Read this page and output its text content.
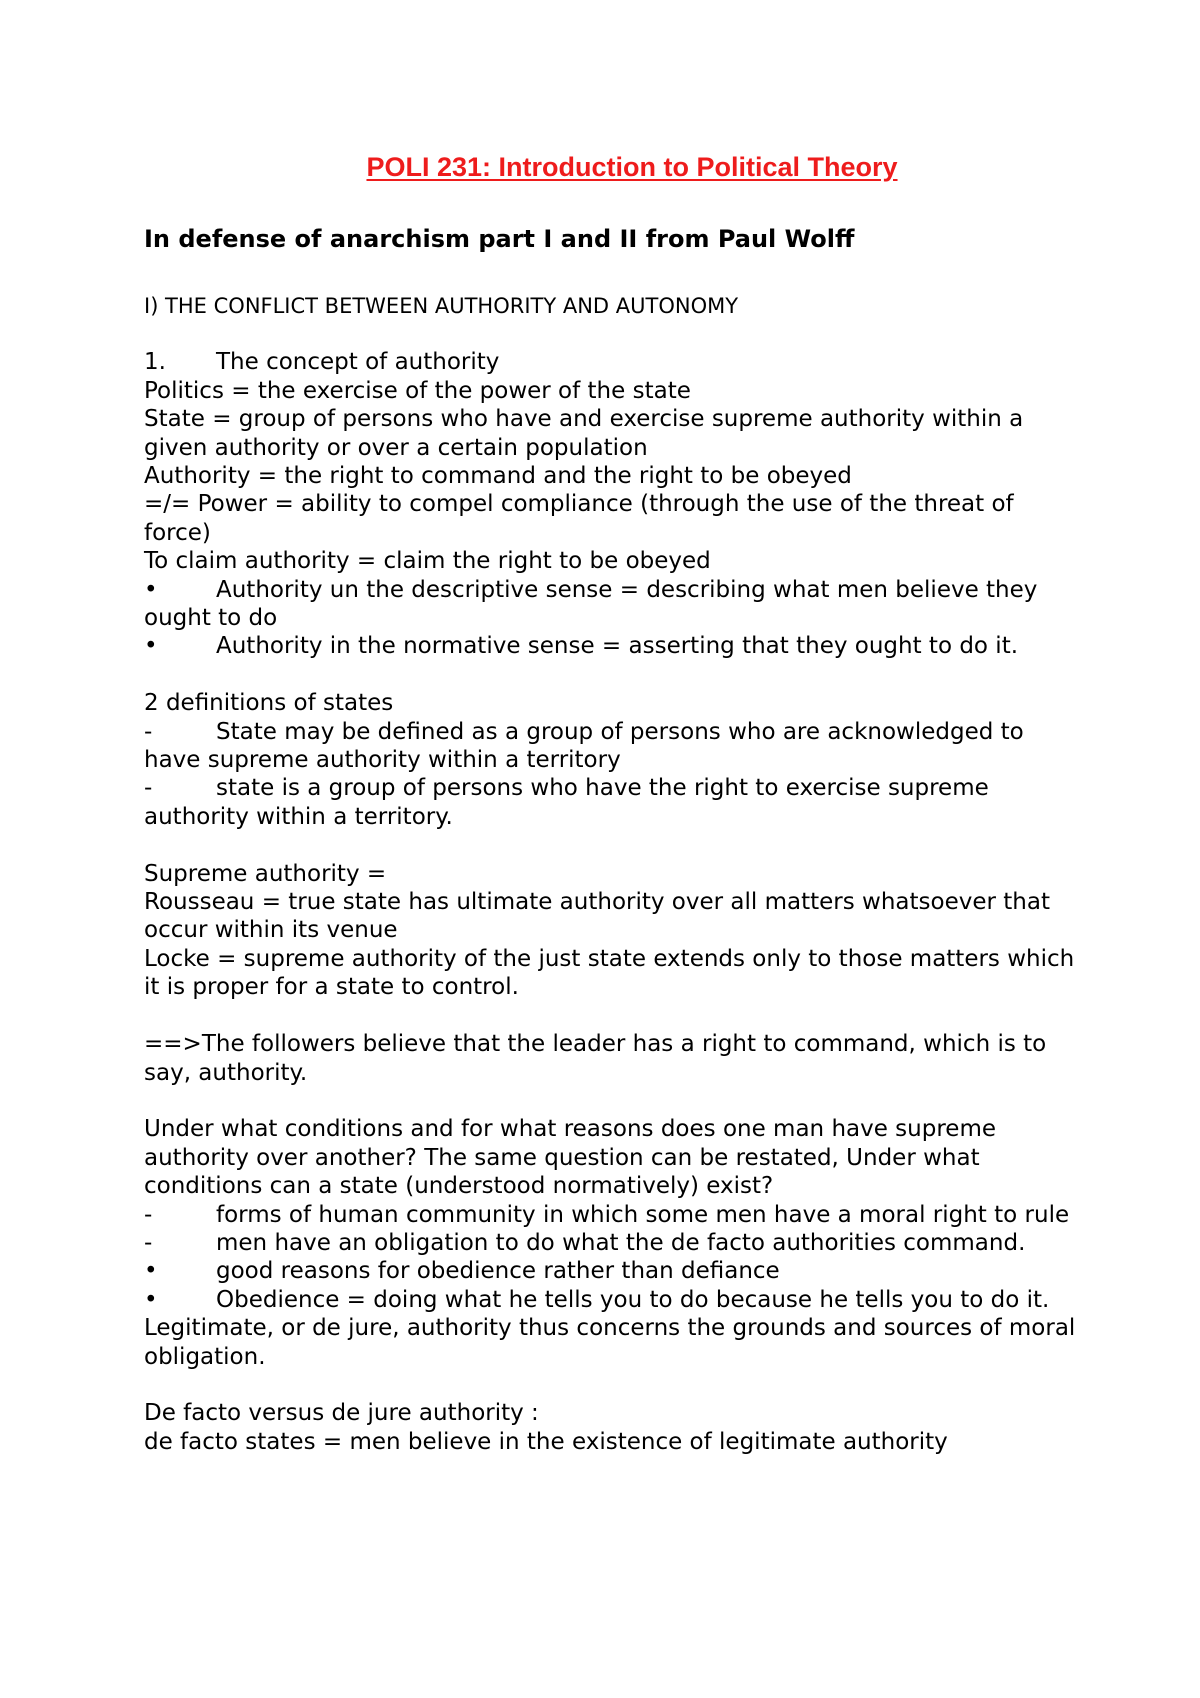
POLI 231: Introduction to Political Theory
In defense of anarchism part I and II from Paul Wolff

I) THE CONFLICT BETWEEN AUTHORITY AND AUTONOMY

1. The concept of authority

Politics = the exercise of the power of the state

State = group of persons who have and exercise supreme authority within a given authority or over a certain population

Authority = the right to command and the right to be obeyed

=/= Power = ability to compel compliance (through the use of the threat of force)

To claim authority = claim the right to be obeyed

•	Authority un the descriptive sense = describing what men believe they ought to do

•	Authority in the normative sense = asserting that they ought to do it.

2 definitions of states

-	State may be defined as a group of persons who are acknowledged to have supreme authority within a territory

-	state is a group of persons who have the right to exercise supreme authority within a territory.

Supreme authority =

Rousseau = true state has ultimate authority over all matters whatsoever that occur within its venue

Locke = supreme authority of the just state extends only to those matters which it is proper for a state to control.

==>The followers believe that the leader has a right to command, which is to say, authority.

Under what conditions and for what reasons does one man have supreme authority over another? The same question can be restated, Under what conditions can a state (understood normatively) exist?

-	forms of human community in which some men have a moral right to rule

-	men have an obligation to do what the de facto authorities command.

•	good reasons for obedience rather than defiance

•	Obedience = doing what he tells you to do because he tells you to do it. Legitimate, or de jure, authority thus concerns the grounds and sources of moral obligation.

De facto versus de jure authority :

de facto states = men believe in the existence of legitimate authority
